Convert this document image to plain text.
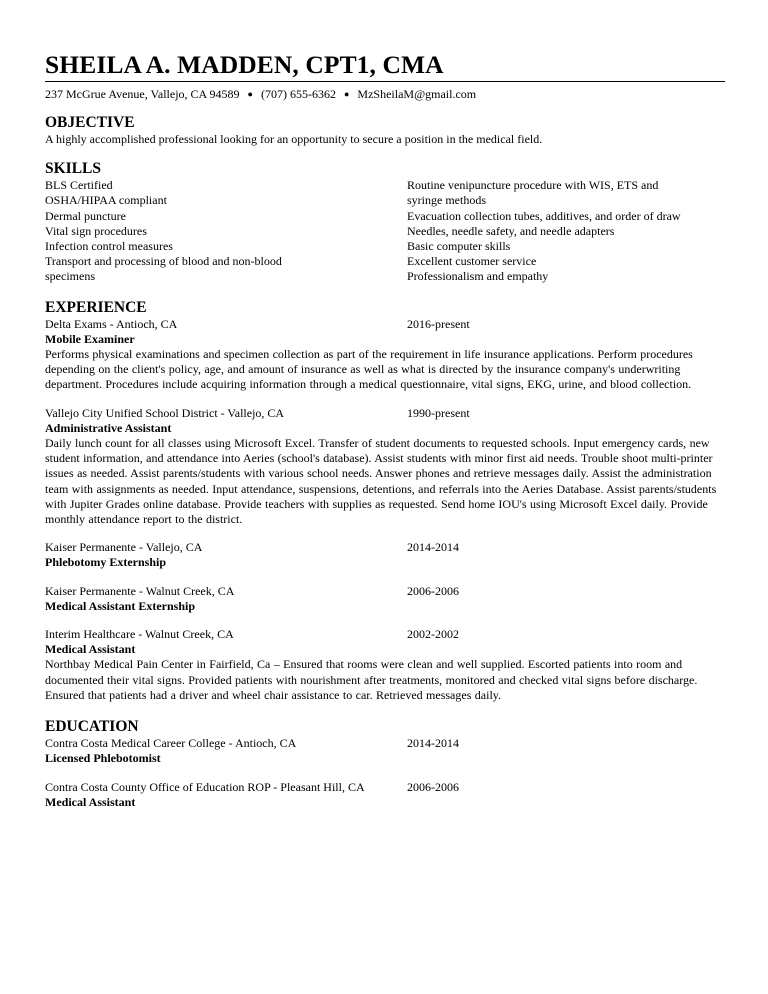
SHEILA A. MADDEN, CPT1, CMA
237 McGrue Avenue, Vallejo, CA 94589 ● (707) 655-6362 ● MzSheilaM@gmail.com
OBJECTIVE
A highly accomplished professional looking for an opportunity to secure a position in the medical field.
SKILLS
BLS Certified
OSHA/HIPAA compliant
Dermal puncture
Vital sign procedures
Infection control measures
Transport and processing of blood and non-blood
specimens
Routine venipuncture procedure with WIS, ETS and
syringe methods
Evacuation collection tubes, additives, and order of draw
Needles, needle safety, and needle adapters
Basic computer skills
Excellent customer service
Professionalism and empathy
EXPERIENCE
Delta Exams - Antioch, CA	2016-present
Mobile Examiner
Performs physical examinations and specimen collection as part of the requirement in life insurance applications. Perform procedures depending on the client's policy, age, and amount of insurance as well as what is directed by the insurance company's underwriting department. Procedures include acquiring information through a medical questionnaire, vital signs, EKG, urine, and blood collection.
Vallejo City Unified School District - Vallejo, CA	1990-present
Administrative Assistant
Daily lunch count for all classes using Microsoft Excel. Transfer of student documents to requested schools. Input emergency cards, new student information, and attendance into Aeries (school's database). Assist students with minor first aid needs. Trouble shoot multi-printer issues as needed. Assist parents/students with various school needs. Answer phones and retrieve messages daily. Assist the administration team with assignments as needed. Input attendance, suspensions, detentions, and referrals into the Aeries Database. Assist parents/students with Jupiter Grades online database. Provide teachers with supplies as requested. Send home IOU's using Microsoft Excel daily. Provide monthly attendance report to the district.
Kaiser Permanente - Vallejo, CA	2014-2014
Phlebotomy Externship
Kaiser Permanente - Walnut Creek, CA	2006-2006
Medical Assistant Externship
Interim Healthcare - Walnut Creek, CA	2002-2002
Medical Assistant
Northbay Medical Pain Center in Fairfield, Ca – Ensured that rooms were clean and well supplied. Escorted patients into room and documented their vital signs. Provided patients with nourishment after treatments, monitored and checked vital signs before discharge. Ensured that patients had a driver and wheel chair assistance to car. Retrieved messages daily.
EDUCATION
Contra Costa Medical Career College - Antioch, CA	2014-2014
Licensed Phlebotomist
Contra Costa County Office of Education ROP - Pleasant Hill, CA	2006-2006
Medical Assistant
